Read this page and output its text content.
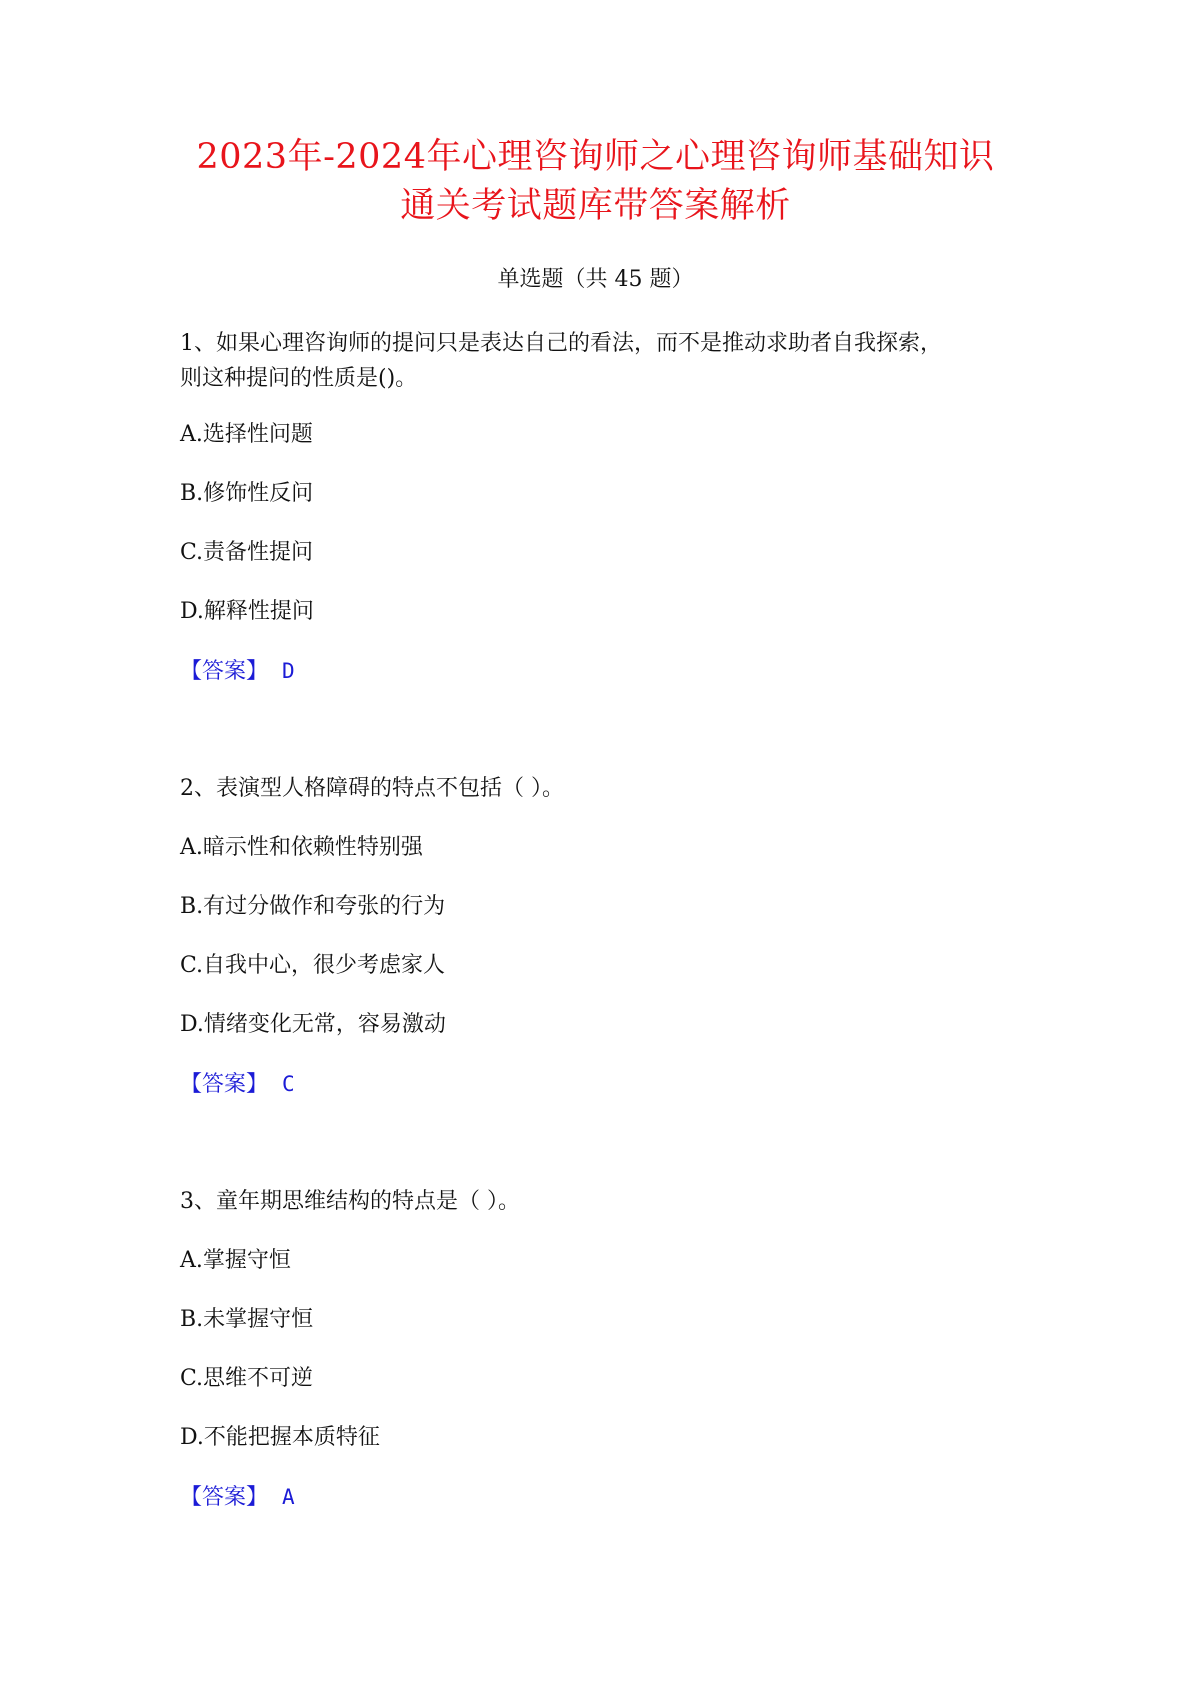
2023年-2024年心理咨询师之心理咨询师基础知识
通关考试题库带答案解析
单选题（共 45 题）
1、如果心理咨询师的提问只是表达自己的看法，而不是推动求助者自我探索，
则这种提问的性质是()。
A.选择性问题
B.修饰性反问
C.责备性提问
D.解释性提问
【答案】 D
2、表演型人格障碍的特点不包括（ ）。
A.暗示性和依赖性特别强
B.有过分做作和夸张的行为
C.自我中心，很少考虑家人
D.情绪变化无常，容易激动
【答案】 C
3、童年期思维结构的特点是（ ）。
A.掌握守恒
B.未掌握守恒
C.思维不可逆
D.不能把握本质特征
【答案】 A
